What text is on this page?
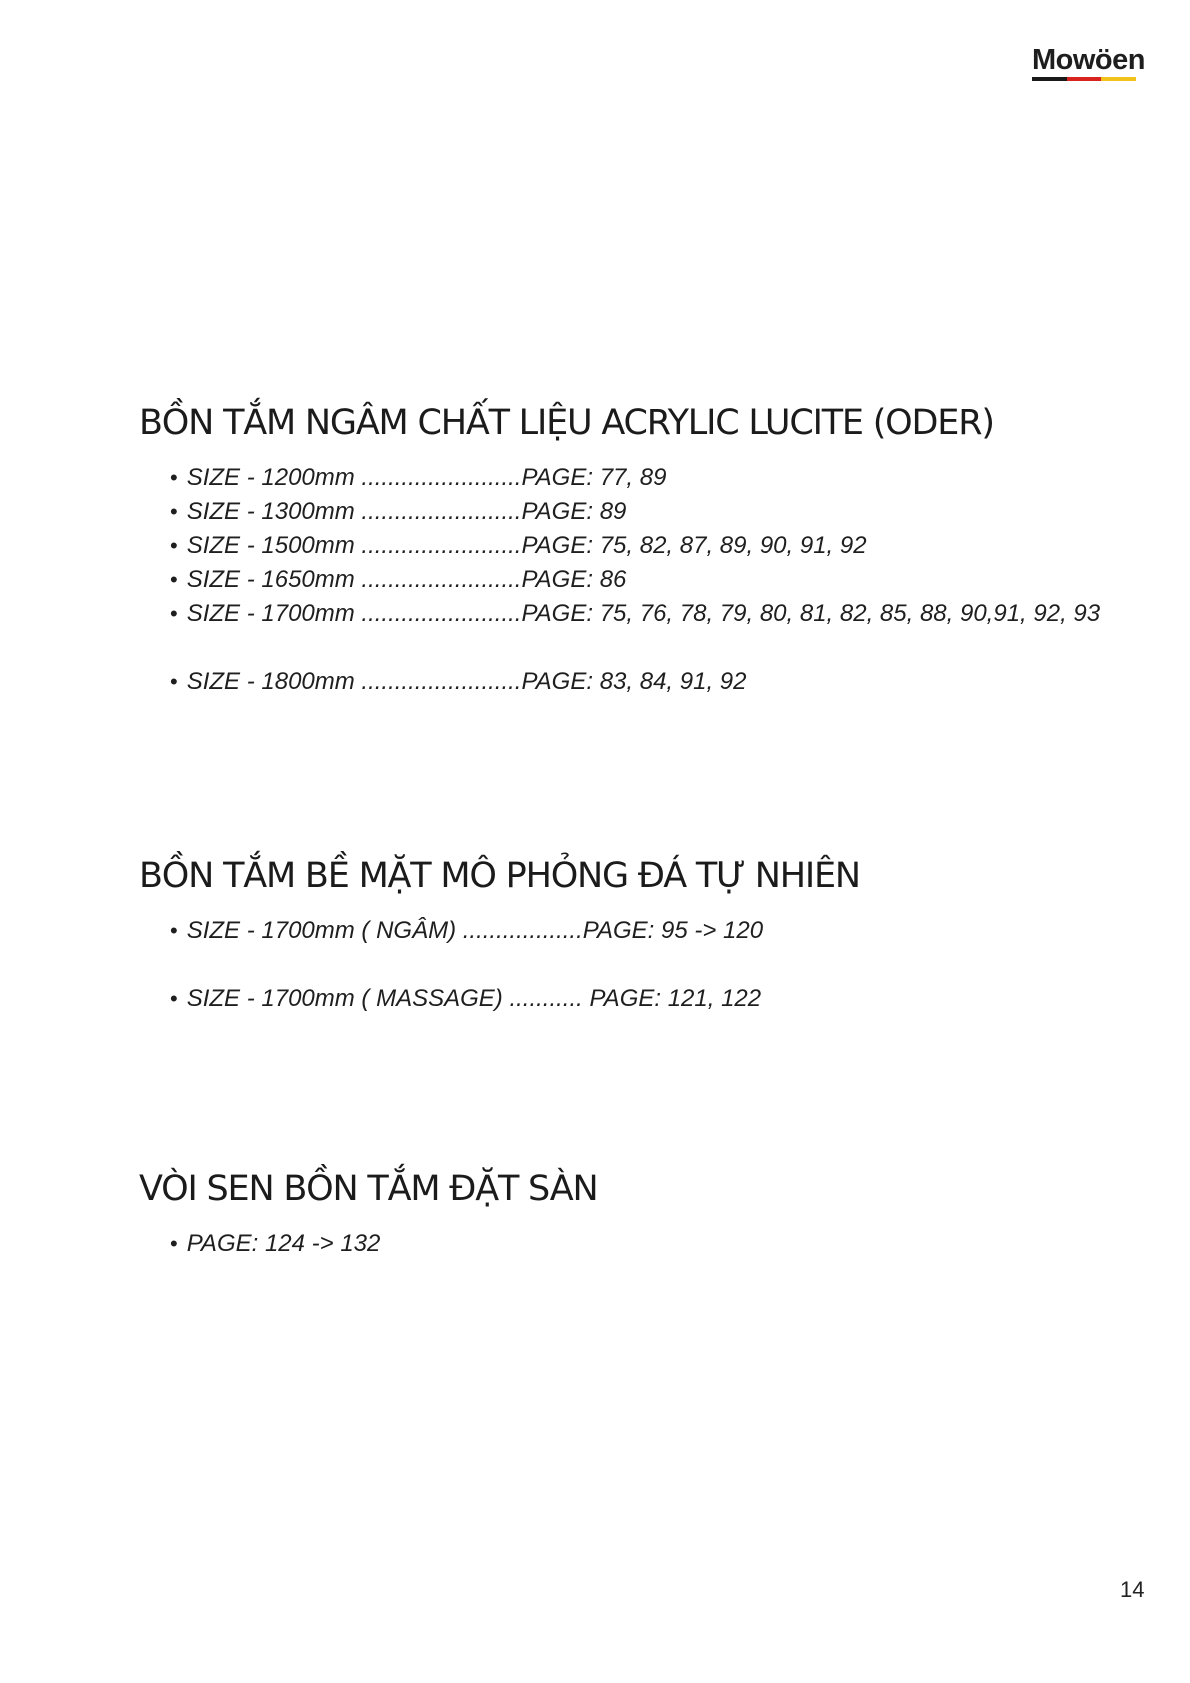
Mowöen
BỒN TẮM NGÂM CHẤT LIỆU ACRYLIC LUCITE (ODER)
• SIZE - 1200mm ........................PAGE: 77, 89
• SIZE - 1300mm ........................PAGE: 89
• SIZE - 1500mm ........................PAGE: 75, 82, 87, 89, 90, 91, 92
• SIZE - 1650mm ........................PAGE: 86
• SIZE - 1700mm ........................PAGE: 75, 76, 78, 79, 80, 81, 82, 85, 88, 90,91, 92, 93
• SIZE - 1800mm ........................PAGE: 83, 84, 91, 92
BỒN TẮM BỀ MẶT MÔ PHỎNG ĐÁ TỰ NHIÊN
• SIZE - 1700mm ( NGÂM) ..................PAGE: 95 -> 120
• SIZE - 1700mm ( MASSAGE) ........... PAGE: 121, 122
VÒI SEN BỒN TẮM ĐẶT SÀN
• PAGE: 124 -> 132
14
